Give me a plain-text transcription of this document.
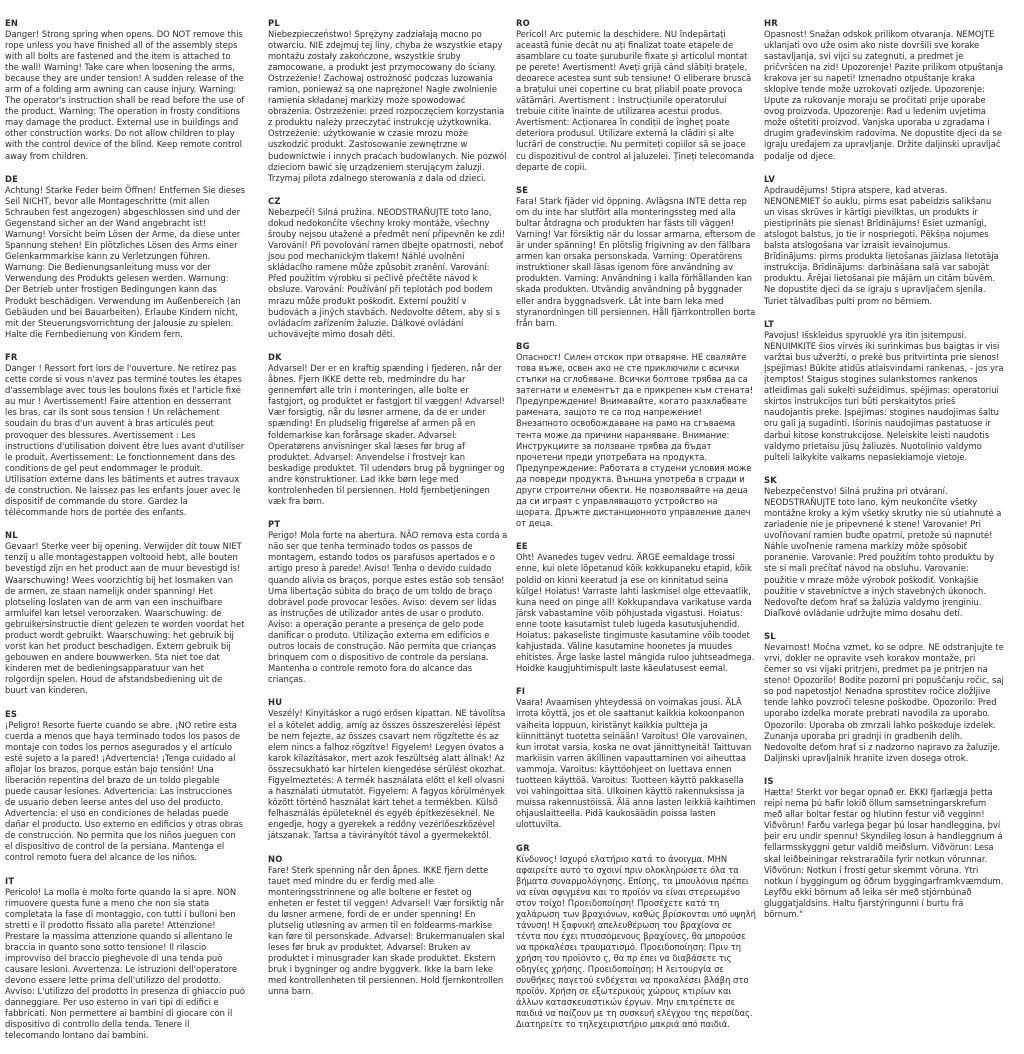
EN

Danger! Strong spring when opens. DO NOT remove this rope unless you have finished all of the assembly steps with all bolts are fastened and the item is attached to the wall! Warning! Take care when loosening the arms, because they are under tension! A sudden release of the arm of a folding arm awning can cause injury. Warning: The operator's instruction shall be read before the use of the product. Warning: The operation in frosty conditions may damage the product. External use in buildings and other construction works. Do not allow children to play with the control device of the blind. Keep remote control away from children.

DE

Achtung! Starke Feder beim Öffnen! Entfernen Sie dieses Seil NICHT, bevor alle Montageschritte (mit allen Schrauben fest angezogen) abgeschlossen sind und der Gegenstand sicher an der Wand angebracht ist! Warnung! Vorsicht beim Lösen der Arme, da diese unter Spannung stehen! Ein plötzliches Lösen des Arms einer Gelenkarmmarkise kann zu Verletzungen führen. Warnung: Die Bedienungsanleitung muss vor der Verwendung des Produkts gelesen werden. Warnung: Der Betrieb unter frostigen Bedingungen kann das Produkt beschädigen. Verwendung im Außenbereich (an Gebäuden und bei Bauarbeiten). Erlaube Kindern nicht, mit der Steuerungsvorrichtung der Jalousie zu spielen. Halte die Fernbedienung von Kindern fern.

FR

Danger ! Ressort fort lors de l'ouverture. Ne retirez pas cette corde si vous n'avez pas terminé toutes les étapes d'assemblage avec tous les boulons fixés et l'article fixé au mur ! Avertissement! Faire attention en desserrant les bras, car ils sont sous tension ! Un relâchement soudain du bras d'un auvent à bras articulés peut provoquer des blessures. Avertissement : Les instructions d'utilisation doivent être lues avant d'utiliser le produit. Avertissement: Le fonctionnement dans des conditions de gel peut endommager le produit. Utilisation externe dans les bâtiments et autres travaux de construction. Ne laissez pas les enfants jouer avec le dispositif de commande du store. Gardez la télécommande hors de portée des enfants.

NL

Gevaar! Sterke veer bij opening. Verwijder dit touw NIET tenzij u alle montagestappen voltooid hebt, alle bouten bevestigd zijn en het product aan de muur bevestigd is! Waarschuwing! Wees voorzichtig bij het losmaken van de armen, ze staan namelijk onder spanning! Het plotseling loslaten van de arm van een inschuifbare armluifel kan letsel veroorzaken. Waarschuwing: de gebruikersinstructie dient gelezen te worden voordat het product wordt gebruikt. Waarschuwing: het gebruik bij vorst kan het product beschadigen. Extern gebruik bij gebouwen en andere bouwwerken. Sta niet toe dat kinderen met de bedieningsapparatuur van het rolgordijn spelen. Houd de afstandsbediening uit de buurt van kinderen.

ES

¡Peligro! Resorte fuerte cuando se abre. ¡NO retire esta cuerda a menos que haya terminado todos los pasos de montaje con todos los pernos asegurados y el artículo esté sujeto a la pared! ¡Advertencia! ¡Tenga cuidado al aflojar los brazos, porque están bajo tensión! Una liberación repentina del brazo de un toldo plegable puede causar lesiones. Advertencia: Las instrucciones de usuario deben leerse antes del uso del producto. Advertencia: el uso en condiciones de heladas puede dañar el producto. Uso externo en edificios y otras obras de construcción. No permita que los niños jueguen con el dispositivo de control de la persiana. Mantenga el control remoto fuera del alcance de los niños.

IT

Pericolo! La molla è molto forte quando la si apre. NON rimuovere questa fune a meno che non sia stata completata la fase di montaggio, con tutti i bulloni ben stretti e il prodotto fissato alla parete! Attenzione! Prestare la massima attenzione quando si allentano le braccia in quanto sono sotto tensione! Il rilascio improvviso del braccio pieghevole di una tenda può causare lesioni. Avvertenza: Le istruzioni dell'operatore devono essere lette prima dell'utilizzo del prodotto. Avviso: L'utilizzo del prodotto in presenza di ghiaccio può danneggiare. Per uso esterno in vari tipi di edifici e fabbricati. Non permettere ai bambini di giocare con il dispositivo di controllo della tenda. Tenere il telecomando lontano dai bambini.

PL

Niebezpieczeństwo! Sprężyny zadziałają mocno po otwarciu. NIE zdejmuj tej liny, chyba że wszystkie etapy montażu zostały zakończone, wszystkie śruby zamocowane, a produkt jest przymocowany do ściany. Ostrzeżenie! Zachowaj ostrożność podczas luzowania ramion, ponieważ są one naprężone! Nagłe zwolnienie ramienia składanej markizy może spowodować obrażenia. Ostrzeżenie: przed rozpoczęciem korzystania z produktu należy przeczytać instrukcję użytkownika. Ostrzeżenie: użytkowanie w czasie mrozu może uszkodzić produkt. Zastosowanie zewnętrzne w budownictwie i innych pracach budowlanych. Nie pozwól dzieciom bawić się urządzeniem sterującym żaluzji. Trzymaj pilota zdalnego sterowania z dala od dzieci.

CZ

Nebezpečí! Silná pružina. NEODSTRAŇUJTE toto lano, dokud nedokončíte všechny kroky montáže, všechny šrouby nejsou utažené a předmět není připevněn ke zdi! Varování! Při povolování ramen dbejte opatrnosti, neboť jsou pod mechanickým tlakem! Náhlé uvolnění skládacího ramene může způsobit zranění. Varování: Před použitím výrobku si pečlivě přečtěte návod k obsluze. Varování: Používání při teplotách pod bodem mrazu může produkt poškodit. Externí použití v budovách a jiných stavbách. Nedovolte dětem, aby si s ovládacím zařízením žaluzie. Dálkové ovládání uchovávejte mimo dosah dětí.

DK

Advarsel! Der er en kraftig spænding i fjederen, når der åbnes. Fjern IKKE dette reb, medmindre du har gennemført alle trin i monteringen, alle bolte er fastgjort, og produktet er fastgjort til væggen! Advarsel! Vær forsigtig, når du løsner armene, da de er under spænding! En pludselig frigørelse af armen på en foldemarkise kan forårsage skader. Advarsel: Operatørens anvisninger skal læses før brug af produktet. Advarsel: Anvendelse i frostvejr kan beskadige produktet. Til udendørs brug på bygninger og andre konstruktioner. Lad ikke børn lege med kontrolenheden til persiennen. Hold fjernbetjeningen væk fra børn.

PT

Perigo! Mola forte na abertura. NÃO remova esta corda a não ser que tenha terminado todos os passos de montagem, estando todos os parafusos apertados e o artigo preso à parede! Aviso! Tenha o devido cuidado quando alivia os braços, porque estes estão sob tensão! Uma libertação súbita do braço de um toldo de braço dobrável pode provocar lesões. Aviso: devem ser lidas as instruções de utilizador antes de usar o produto. Aviso: a operação perante a presença de gelo pode danificar o produto. Utilização externa em edifícios e outros locais de construção. Não permita que crianças brinquem com o dispositivo de controle da persiana. Mantenha o controle remoto fora do alcance das crianças.

HU

Veszély! Kinyitáskor a rugó erősen kipattan. NE távolítsa el a kötelet addig, amíg az összes összeszerelési lépést be nem fejezte, az összes csavart nem rögzítette és az elem nincs a falhoz rögzítve! Figyelem! Legyen óvatos a karok kilazításakor, mert azok feszültség alatt állnak! Az összecsukható kar hirtelen kiengedése sérülést okozhat. Figyelmeztetés: A termék használata előtt el kell olvasni a használati útmutatót. Figyelem: A fagyos körülmények között történő használat kárt tehet a termékben. Külső felhasználás épületeknél és egyéb építkezéseknél. Ne engedje, hogy a gyerekek a redőny vezérlőeszközével játszanak. Tartsa a távirányítót távol a gyermekektől.

NO

Fare! Sterk spenning når den åpnes. IKKE fjern dette tauet med mindre du er ferdig med alle monteringsstrinnene og alle boltene er festet og enheten er festet til veggen! Advarsel! Vær forsiktig når du løsner armene, fordi de er under spenning! En plutselig utløsning av armen til en foldearms-markise kan føre til personskade. Advarsel: Brukermanualen skal leses før bruk av produktet. Advarsel: Bruken av produktet i minusgrader kan skade produktet. Ekstern bruk i bygninger og andre byggverk. Ikke la barn leke med kontrollenheten til persiennen. Hold fjernkontrollen unna barn.

RO

Pericol! Arc puternic la deschidere. NU îndepărtați această funie decât nu ați finalizat toate etapele de asamblare cu toate șuruburile fixate și articolul montat pe perete! Avertisment! Aveți grijă când slăbiți brațele, deoarece acestea sunt sub tensiune! O eliberare bruscă a brațului unei copertine cu braț pliabil poate provoca vătămări. Avertisment : Instrucțiunile operatorului trebuie citite înainte de utilizarea acestui produs. Avertisment: Acționarea în condiții de îngheț poate deteriora produsul. Utilizare externă la clădiri și alte lucrări de construcție. Nu permiteți copiilor să se joace cu dispozitivul de control al jaluzelei. Țineți telecomanda departe de copii.

SE

Fara! Stark fjäder vid öppning. Avlägsna INTE detta rep om du inte har slutfört alla monteringssteg med alla bultar åtdragna och produkten har fästs till väggen! Varning! Var försiktig när du lossar armarna, eftersom de är under spänning! En plötslig frigivning av den fällbara armen kan orsaka personskada. Varning: Operatörens instruktioner skall läsas igenom före användning av produkten. Varning: Användning i kalla förhållanden kan skada produkten. Utvändig användning på byggnader eller andra byggnadsverk. Låt inte barn leka med styranordningen till persiennen. Håll fjärrkontrollen borta från barn.

BG

Опасност! Силен отскок при отваряне. НЕ сваляйте това въже, освен ако не сте приключили с всички стъпки на сглобяване. Всички болтове трябва да са затегнати и елементът да е прикрепен към стената! Предупреждение! Внимавайте, когато разхлабвате рамената, защото те са под напрежение! Внезапното освобождаване на рамо на сгъваема тента може да причини нараняване. Внимание: Инструкциите за ползване трябва да бъдат прочетени преди употребата на продукта. Предупреждение: Работата в студени условия може да повреди продукта. Външна употреба в сгради и други строителни обекти. Не позволявайте на деца да си играят с управляващото устройство на щората. Дръжте дистанционното управление далеч от деца.

EE

Oht! Avanedes tugev vedru. ÄRGE eemaldage trossi enne, kui olete lõpetanud kõik kokkupaneku etapid, kõik poldid on kinni keeratud ja ese on kinnitatud seina külge! Hoiatus! Varraste lahti laskmisel olge ettevaatlik, kuna need on pinge all! Kokkupandava varikatuse varda järsk vabastamine võib põhjustada vigastusi. Hoiatus: enne toote kasutamist tuleb lugeda kasutusjuhendid. Hoiatus: pakaseliste tingimuste kasutamine võib toodet kahjustada. Väline kasutamine hoonetes ja muudes ehitistes. Ärge laske lastel mängida ruloo juhtseadmega. Hoidke kaugjuhtimispult laste käeulatusest eemal.

FI

Vaara! Avaamisen yhteydessä on voimakas jousi. ÄLÄ irrota köyttä, jos et ole saattanut kaikkia kokoonpanon vaiheita loppuun, kiristänyt kaikkia pultteja ja kiinnittänyt tuotetta seinään! Varoitus! Ole varovainen, kun irrotat varsia, koska ne ovat jännittyneitä! Taittuvan markiisin varren äkillinen vapauttaminen voi aiheuttaa vammoja. Varoitus: käyttöohjeet on luettava ennen tuotteen käyttöä. Varoitus: Tuotteen käyttö pakkasella voi vahingoittaa sitä. Ulkoinen käyttö rakennuksissa ja muissa rakennustöissä. Älä anna lasten leikkiä kaihtimen ohjauslaitteella. Pidä kaukosäädin poissa lasten ulottuvilta.

GR

Κίνδυνος! Ισχυρό ελατήριο κατά το άνοιγμα. ΜΗΝ αφαιρείτε αυτό το σχοινί πριν ολοκληρώσετε όλα τα βήματα συναρμολόγησης. Επίσης, τα μπουλόνια πρέπει να είναι σφιγμένα και το προϊόν να είναι στερεωμένο στον τοίχο! Προειδοποίηση! Προσέχετε κατά τη χαλάρωση των βραχιόνων, καθώς βρίσκονται υπό υψηλή τάνυση! Η ξαφνική απελευθέρωση του βραχίονα σε τέντα που έχει πτυσσόμενους βραχίονες, θα μπορούσε να προκαλέσει τραυματισμό. Προειδοποίηση: Πριν τη χρήση του προϊόντο ς, θα πρ έπει να διαβάσετε τις οδηγίες χρήσης. Προειδοποίηση: Η λειτουργία σε συνθήκες παγετού ενδέχεται να προκαλέσει βλάβη στο προϊόν. Χρήση σε εξωτερικούς χώρους κτιρίων και άλλων κατασκευαστικών έργων. Μην επιτρέπετε σε παιδιά να παίζουν με τη συσκευή ελέγχου της περσίδας. Διατηρείτε το τηλεχειριστήριο μακριά από παιδιά.

HR

Opasnost! Snažan odskok prilikom otvaranja. NEMOJTE uklanjati ovo uže osim ako niste dovršili sve korake sastavljanja, svi vijci su zategnuti, a predmet je pričvršćen na zid! Upozorenje! Pazite prilikom otpuštanja krakova jer su napeti! Iznenadno otpuštanje kraka sklopive tende može uzrokovati ozljede. Upozorenje: Upute za rukovanje moraju se pročitati prije uporabe ovog proizvoda. Upozorenje: Rad u ledenim uvjetima može oštetiti proizvod. Vanjska uporaba u zgradama i drugim građevinskim radovima. Ne dopustite djeci da se igraju uređajem za upravljanje. Držite daljinski upravljač podalje od djece.

LV

Apdraudējums! Stipra atspere, kad atveras. NENONEMIET šo auklu, pirms esat pabeidzis salikšanu un visas skrūves ir kārtīgi pievilktas, un produkts ir piestiprināts pie sienas! Brīdinājums! Esiet uzmanīgi, atslogot balstus, jo tie ir nospriegoti. Pēkšņa nojumes balsta atslogošana var izraisīt ievainojumus. Brīdinājums: pirms produkta lietošanas jāizlasa lietotāja instrukcija. Brīdinājums: darbināšana salā var sabojāt produktu. Ārējai lietošanai pie mājām un citām būvēm. Ne dopustite djeci da se igraju s upravljačem sjenila. Turiet tālvadības pulti prom no bērniem.

LT

Pavojus! Išskleidus spyruoklė yra itin įsitempusi. NENUIMKITE šios virvės iki surinkimas bus baigtas ir visi varžtai bus užveržti, o prekė bus pritvirtinta prie sienos! Įspėjimas! Būkite atidūs atlaisvindami rankenas, - jos yra įtemptos! Staigus stogines sulankstomos rankenos atleidimas gali sukelti sužeidimus. spėjimas: operatoriui skirtos instrukcijos turi būti perskaitytos prieš naudojantis preke. Įspėjimas: stogines naudojimas šaltu oru gali ją sugadinti. Išorinis naudojimas pastatuose ir darbui kitose konstrukcijose. Neleiskite leisti naudotis valdymo prietaisu jūsų žaliuzės. Nuotolinio valdymo pulteli laikykite vaikams nepasiekiamoje vietoje.

SK

Nebezpečenstvo! Silná pružina pri otváraní. NEODSTRAŇUJTE toto lano, kým neukončíte všetky montážne kroky a kým všetky skrutky nie sú utiahnuté a zariadenie nie je pripevnené k stene! Varovanie! Pri uvoľňovaní ramien buďte opatrní, pretože sú napnuté! Náhle uvoľnenie ramena markízy môže spôsobiť poranenie. Varovanie: Pred použitím tohto produktu by ste si mali prečítať návod na obsluhu. Varovanie: použitie v mraze môže výrobok poškodiť. Vonkajšie použitie v stavebníctve a iných stavebných úkonoch. Nedovoľte deťom hrať sa žalúzia valdymo įrenginiu. Diaľkové ovládanie udržujte mimo dosahu detí.

SL

Nevarnost! Močna vzmet, ko se odpre. NE odstranjujte te vrvi, dokler ne opravite vseh korakov montaže, pri čemer so vsi vijaki pritrjeni, predmet pa je pritrjen na steno! Opozorilo! Bodite pozorni pri popuščanju ročic, saj so pod napetostjo! Nenadna sprostitev ročice zložljive tende lahko povzroči telesne poškodbe. Opozorilo: Pred uporabo izdelka morate prebrati navodila za uporabo. Opozorilo: Uporaba ob zmrzali lahko poškoduje izdelek. Zunanja uporaba pri gradnji in gradbenih delih. Nedovolte deťom hrať si z nadzorno napravo za žaluzije. Daljinski upravljalnik hranite izven dosega otrok.

IS

Hætta! Sterkt vor begar opnað er. EKKI fjarlægja þetta reipi nema þú hafir lokið öllum samsetningarskrefum með allar boltar festar og hlutinn festur við vegginn! Viðvörun! Farðu varlega þegar þú losar handleggina, því þeir eru undir spennu! Skyndileg losun á handleggnum á fellarmsskyggni getur valdið meiðslum. Viðvörun: Lesa skal leiðbeiningar rekstraraðila fyrir notkun vörunnar. Viðvörun: Notkun í frosti getur skemmt vöruna. Ytri notkun í byggingum og öðrum byggingarframkvæmdum. Leyfðu ekki börnum að leika sér með stjórnbúnað gluggatjaldsins. Haltu fjarstýringunni í burtu frá börnum."
